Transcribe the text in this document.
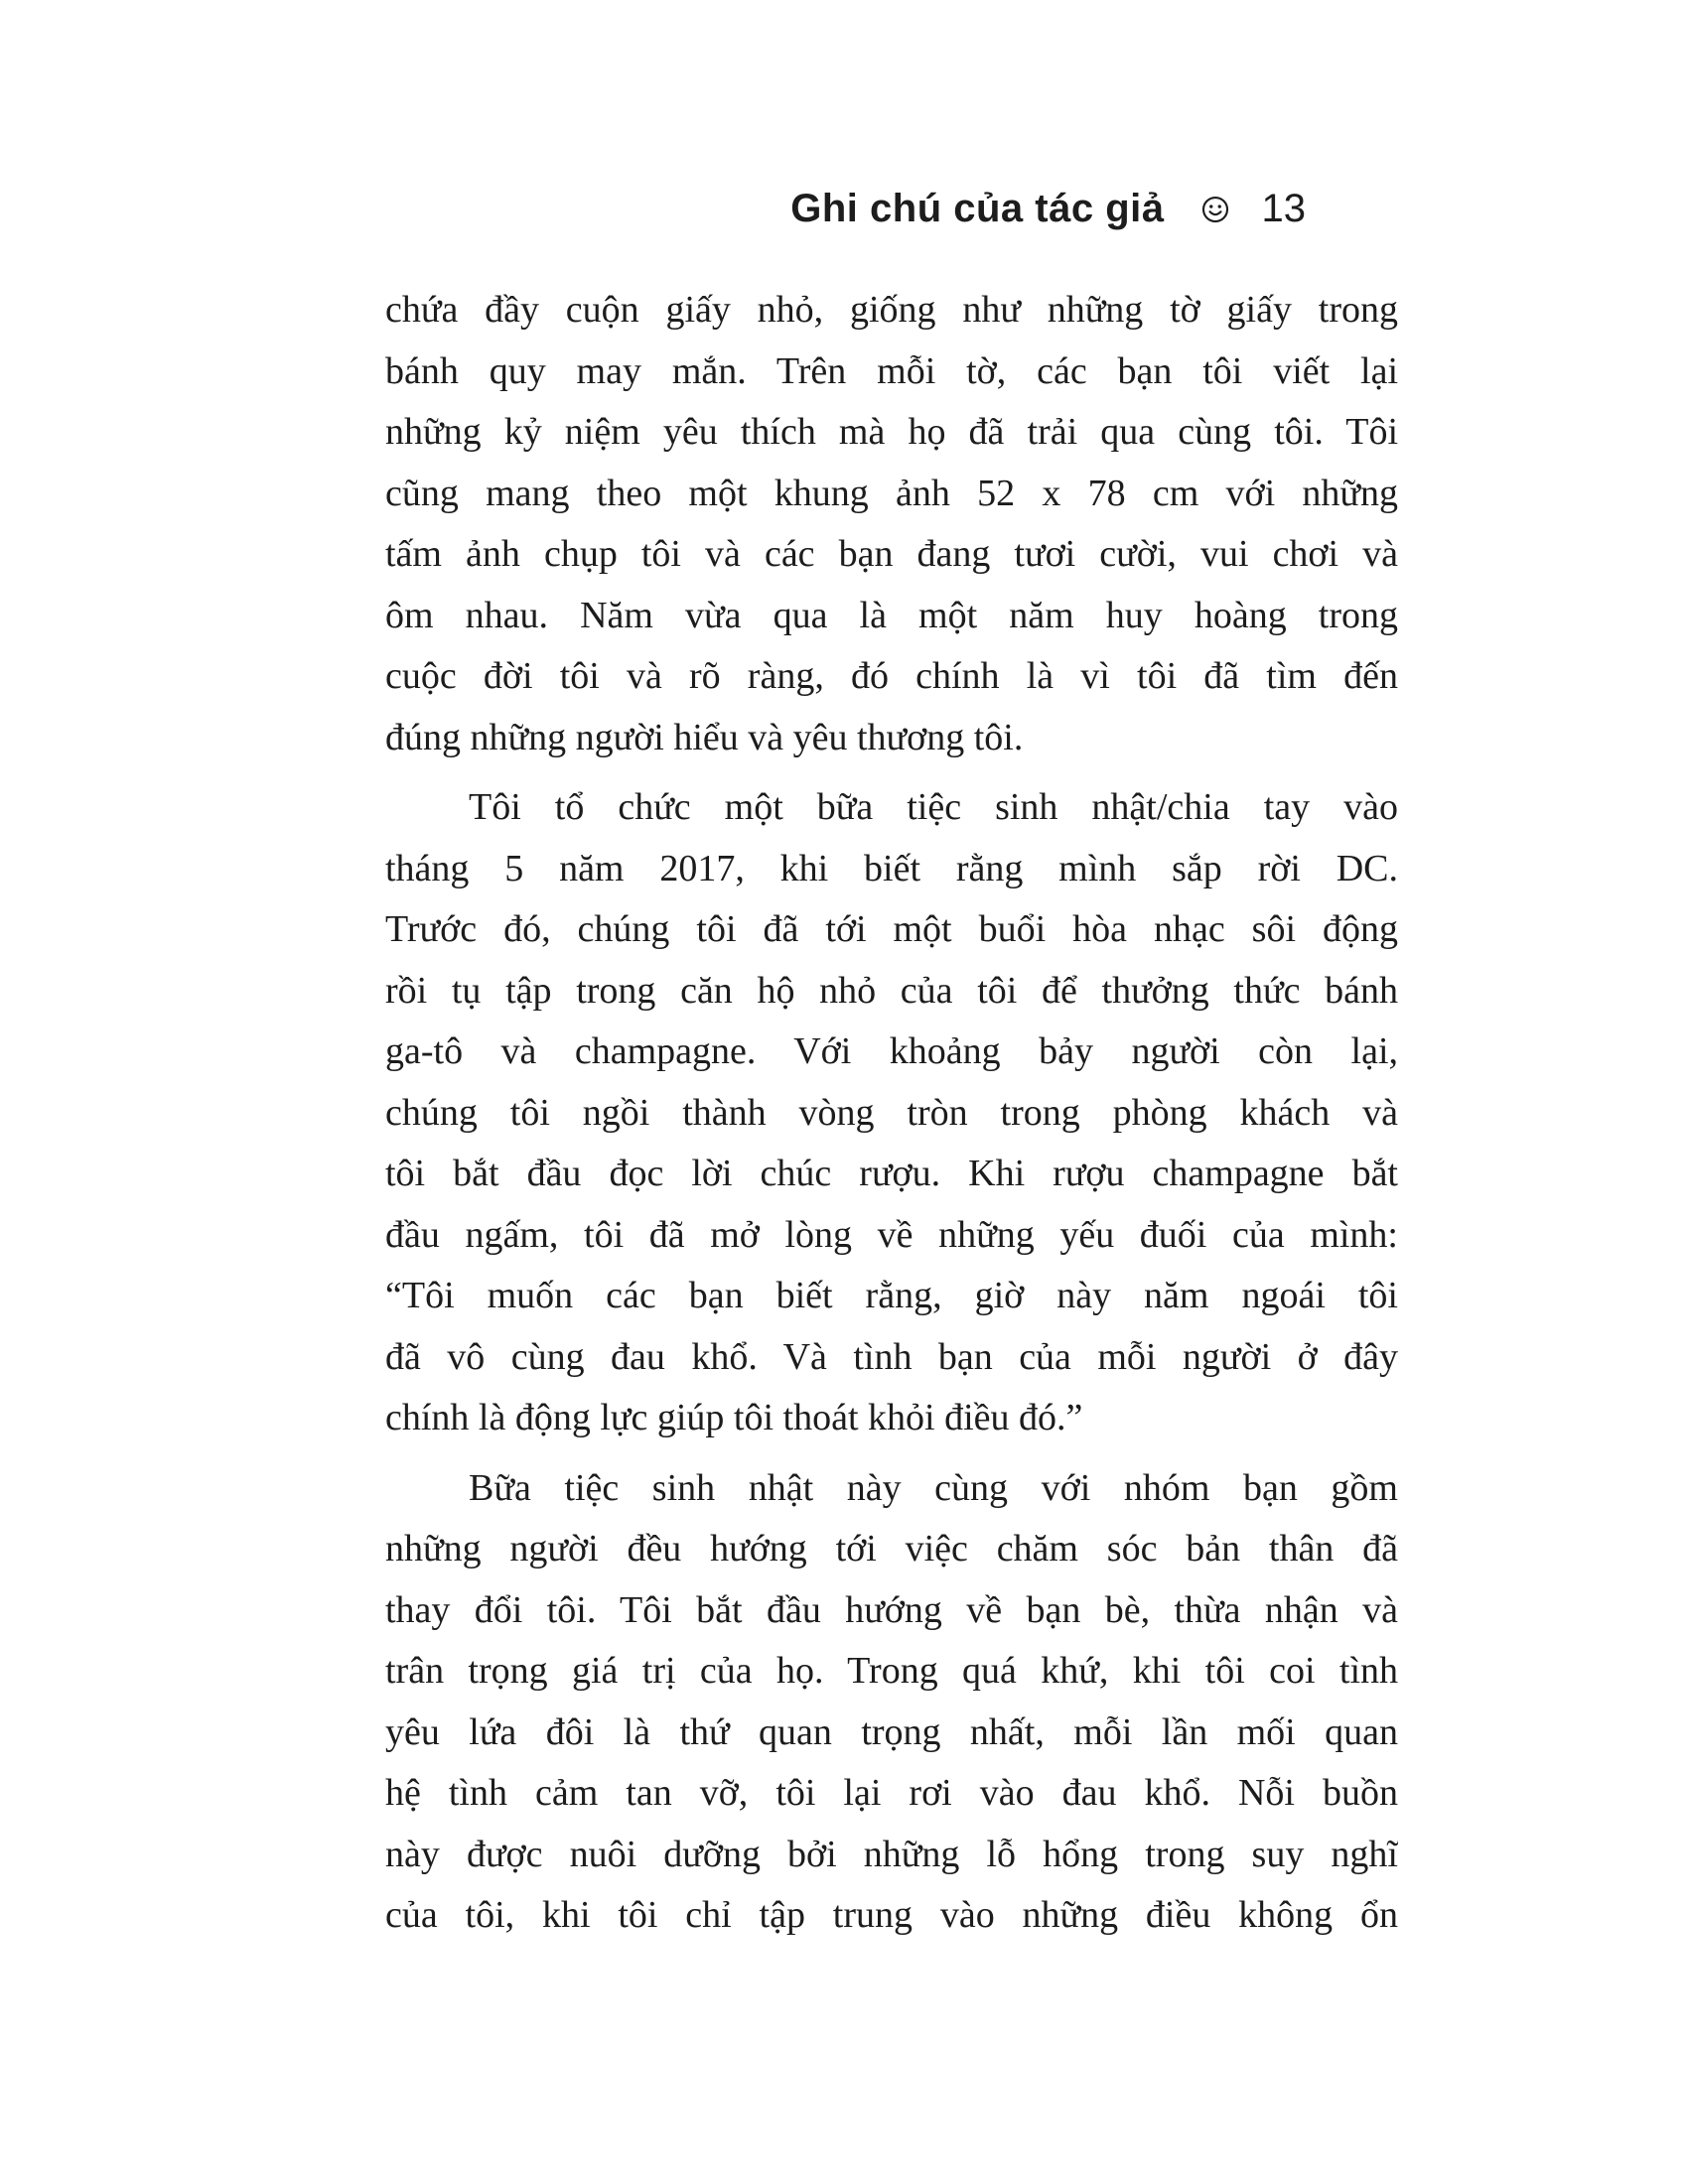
Ghi chú của tác giả 13
chứa đầy cuộn giấy nhỏ, giống như những tờ giấy trong
bánh quy may mắn. Trên mỗi tờ, các bạn tôi viết lại
những kỷ niệm yêu thích mà họ đã trải qua cùng tôi. Tôi
cũng mang theo một khung ảnh 52 x 78 cm với những
tấm ảnh chụp tôi và các bạn đang tươi cười, vui chơi và
ôm nhau. Năm vừa qua là một năm huy hoàng trong
cuộc đời tôi và rõ ràng, đó chính là vì tôi đã tìm đến
đúng những người hiểu và yêu thương tôi.
Tôi tổ chức một bữa tiệc sinh nhật/chia tay vào
tháng 5 năm 2017, khi biết rằng mình sắp rời DC.
Trước đó, chúng tôi đã tới một buổi hòa nhạc sôi động
rồi tụ tập trong căn hộ nhỏ của tôi để thưởng thức bánh
ga-tô và champagne. Với khoảng bảy người còn lại,
chúng tôi ngồi thành vòng tròn trong phòng khách và
tôi bắt đầu đọc lời chúc rượu. Khi rượu champagne bắt
đầu ngấm, tôi đã mở lòng về những yếu đuối của mình:
“Tôi muốn các bạn biết rằng, giờ này năm ngoái tôi
đã vô cùng đau khổ. Và tình bạn của mỗi người ở đây
chính là động lực giúp tôi thoát khỏi điều đó.”
Bữa tiệc sinh nhật này cùng với nhóm bạn gồm
những người đều hướng tới việc chăm sóc bản thân đã
thay đổi tôi. Tôi bắt đầu hướng về bạn bè, thừa nhận và
trân trọng giá trị của họ. Trong quá khứ, khi tôi coi tình
yêu lứa đôi là thứ quan trọng nhất, mỗi lần mối quan
hệ tình cảm tan vỡ, tôi lại rơi vào đau khổ. Nỗi buồn
này được nuôi dưỡng bởi những lỗ hổng trong suy nghĩ
của tôi, khi tôi chỉ tập trung vào những điều không ổn
